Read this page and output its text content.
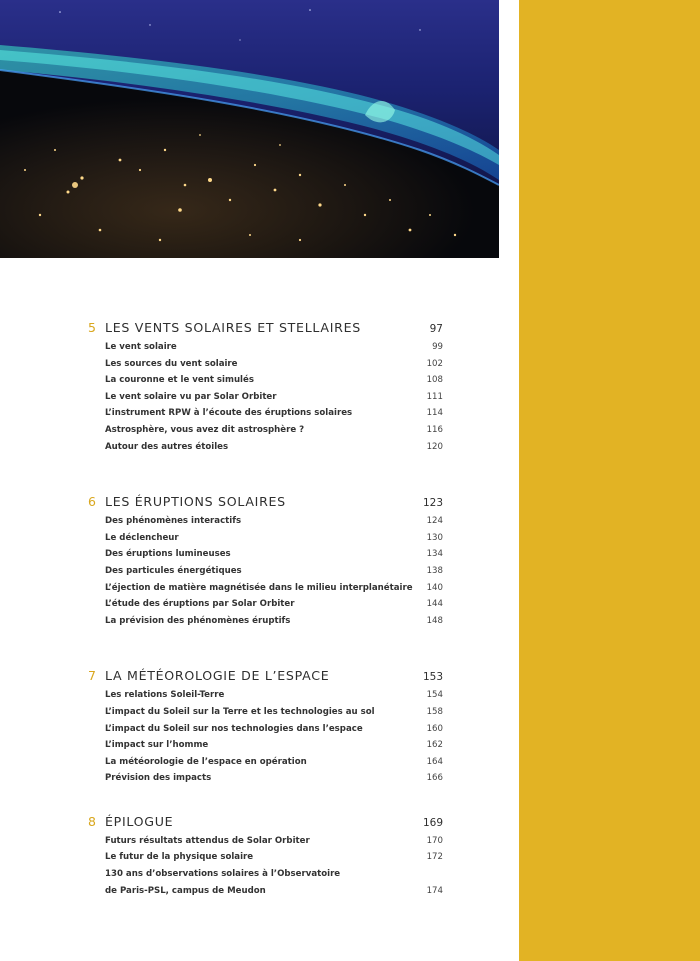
5 LES VENTS SOLAIRES ET STELLAIRES	97
Le vent solaire	99
Les sources du vent solaire	102
La couronne et le vent simulés	108
Le vent solaire vu par Solar Orbiter	111
L’instrument RPW à l’écoute des éruptions solaires	114
Astrosphère, vous avez dit astrosphère ?	116
Autour des autres étoiles	120
6 LES ÉRUPTIONS SOLAIRES	123
Des phénomènes interactifs	124
Le déclencheur	130
Des éruptions lumineuses	134
Des particules énergétiques	138
L’éjection de matière magnétisée dans le milieu interplanétaire	140
L’étude des éruptions par Solar Orbiter	144
La prévision des phénomènes éruptifs	148
7 LA MÉTÉOROLOGIE DE L’ESPACE	153
Les relations Soleil-Terre	154
L’impact du Soleil sur la Terre et les technologies au sol	158
L’impact du Soleil sur nos technologies dans l’espace	160
L’impact sur l’homme	162
La météorologie de l’espace en opération	164
Prévision des impacts	166
8 ÉPILOGUE	169
Futurs résultats attendus de Solar Orbiter	170
Le futur de la physique solaire	172
130 ans d’observations solaires à l’Observatoire
de Paris-PSL, campus de Meudon	174
